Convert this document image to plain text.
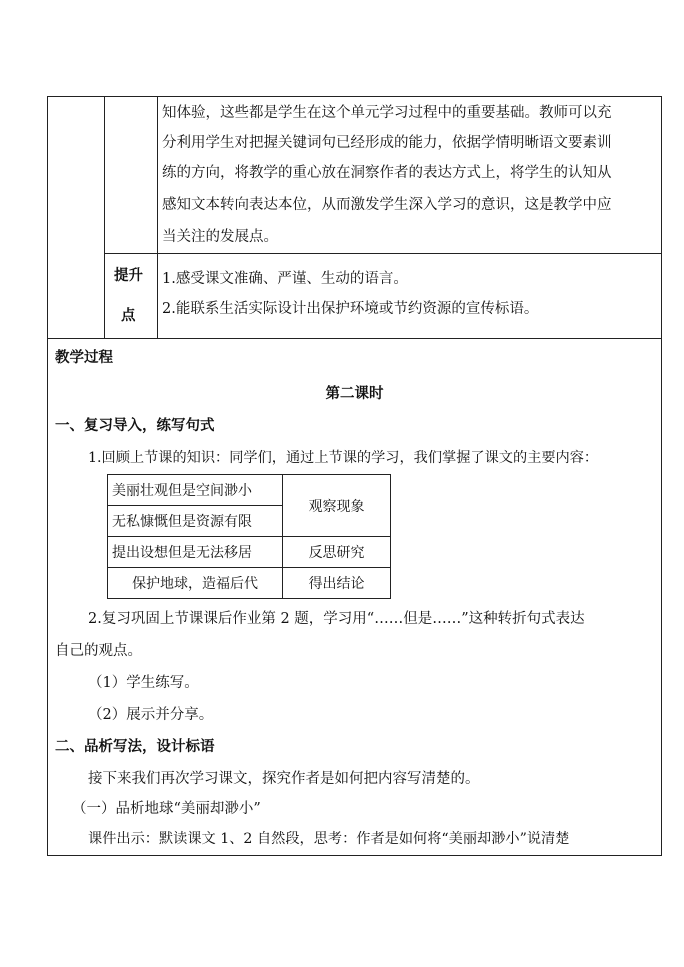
知体验，这些都是学生在这个单元学习过程中的重要基础。教师可以充
分利用学生对把握关键词句已经形成的能力，依据学情明晰语文要素训
练的方向，将教学的重心放在洞察作者的表达方式上，将学生的认知从
感知文本转向表达本位，从而激发学生深入学习的意识，这是教学中应
当关注的发展点。
提升
点
1.感受课文准确、严谨、生动的语言。
2.能联系生活实际设计出保护环境或节约资源的宣传标语。
教学过程
第二课时
一、复习导入，练写句式
1.回顾上节课的知识：同学们，通过上节课的学习，我们掌握了课文的主要内容：
美丽壮观但是空间渺小	观察现象
无私慷慨但是资源有限	
提出设想但是无法移居	反思研究
保护地球，造福后代	得出结论
2.复习巩固上节课课后作业第 2 题，学习用“……但是……”这种转折句式表达
自己的观点。
（1）学生练写。
（2）展示并分享。
二、品析写法，设计标语
接下来我们再次学习课文，探究作者是如何把内容写清楚的。
（一）品析地球“美丽却渺小”
课件出示：默读课文 1、2 自然段，思考：作者是如何将“美丽却渺小”说清楚
